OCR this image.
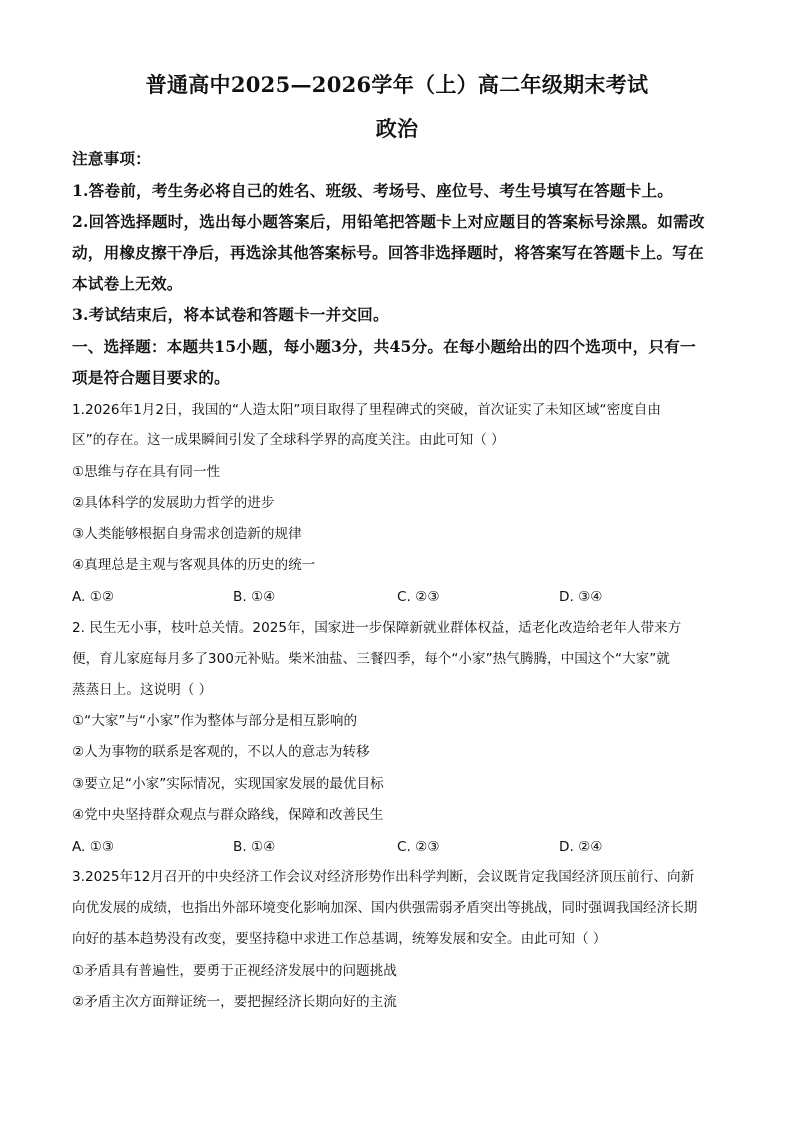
普通高中2025—2026学年（上）高二年级期末考试
政治
注意事项：
1.答卷前，考生务必将自己的姓名、班级、考场号、座位号、考生号填写在答题卡上。
2.回答选择题时，选出每小题答案后，用铅笔把答题卡上对应题目的答案标号涂黑。如需改
动，用橡皮擦干净后，再选涂其他答案标号。回答非选择题时，将答案写在答题卡上。写在
本试卷上无效。
3.考试结束后，将本试卷和答题卡一并交回。
一、选择题：本题共15小题，每小题3分，共45分。在每小题给出的四个选项中，只有一
项是符合题目要求的。
1.2026年1月2日，我国的“人造太阳”项目取得了里程碑式的突破，首次证实了未知区域“密度自由
区”的存在。这一成果瞬间引发了全球科学界的高度关注。由此可知（ ）
①思维与存在具有同一性
②具体科学的发展助力哲学的进步
③人类能够根据自身需求创造新的规律
④真理总是主观与客观具体的历史的统一
A. ①②	B. ①④	C. ②③	D. ③④
2. 民生无小事，枝叶总关情。2025年，国家进一步保障新就业群体权益，适老化改造给老年人带来方
便，育儿家庭每月多了300元补贴。柴米油盐、三餐四季，每个“小家”热气腾腾，中国这个“大家”就
蒸蒸日上。这说明（ ）
①“大家”与“小家”作为整体与部分是相互影响的
②人为事物的联系是客观的，不以人的意志为转移
③要立足“小家”实际情况，实现国家发展的最优目标
④党中央坚持群众观点与群众路线，保障和改善民生
A. ①③	B. ①④	C. ②③	D. ②④
3.2025年12月召开的中央经济工作会议对经济形势作出科学判断，会议既肯定我国经济顶压前行、向新
向优发展的成绩，也指出外部环境变化影响加深、国内供强需弱矛盾突出等挑战，同时强调我国经济长期
向好的基本趋势没有改变，要坚持稳中求进工作总基调，统筹发展和安全。由此可知（ ）
①矛盾具有普遍性，要勇于正视经济发展中的问题挑战
②矛盾主次方面辩证统一，要把握经济长期向好的主流
